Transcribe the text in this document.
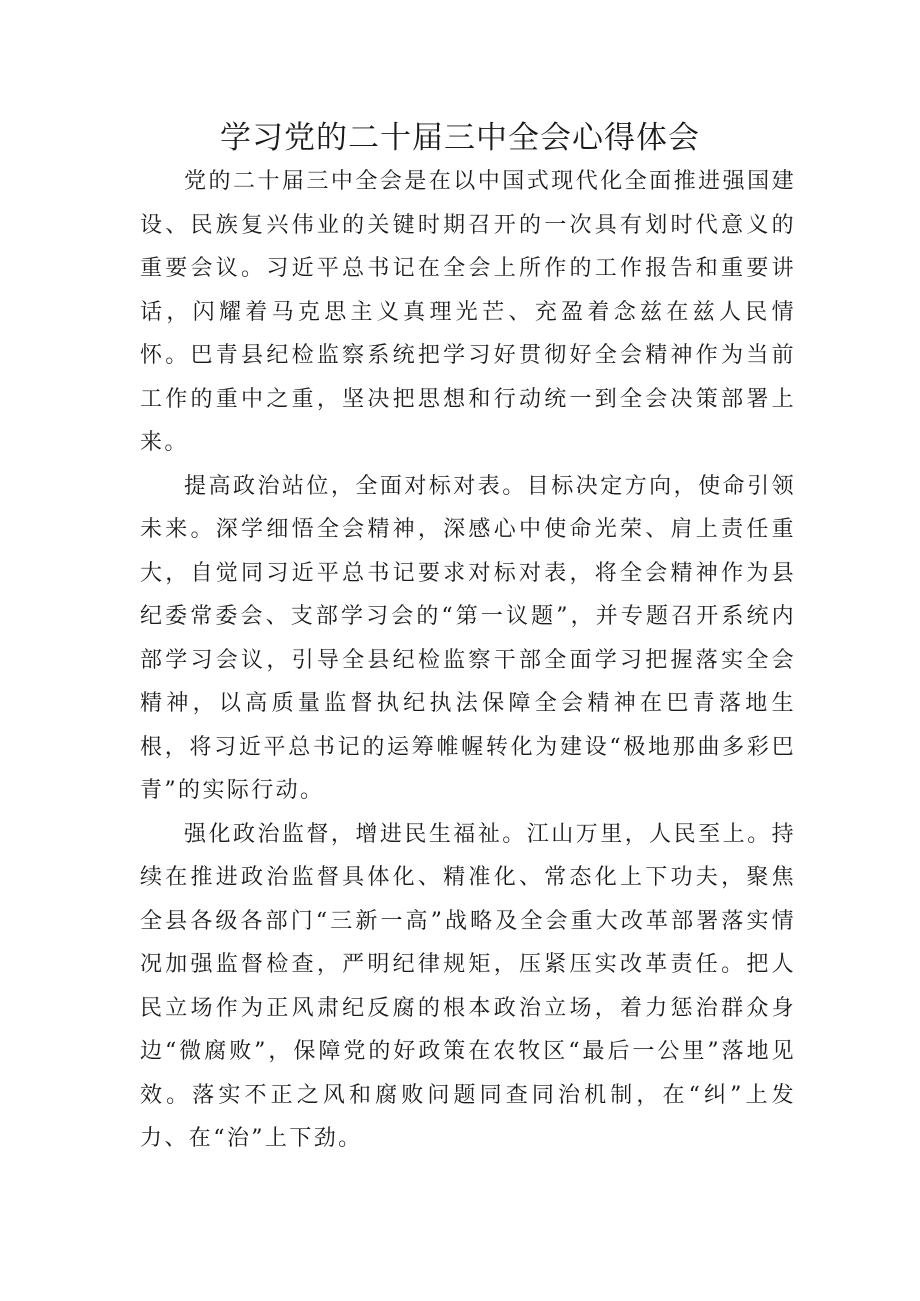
学习党的二十届三中全会心得体会

党的二十届三中全会是在以中国式现代化全面推进强国建设、民族复兴伟业的关键时期召开的一次具有划时代意义的重要会议。习近平总书记在全会上所作的工作报告和重要讲话，闪耀着马克思主义真理光芒、充盈着念兹在兹人民情怀。巴青县纪检监察系统把学习好贯彻好全会精神作为当前工作的重中之重，坚决把思想和行动统一到全会决策部署上来。

提高政治站位，全面对标对表。目标决定方向，使命引领未来。深学细悟全会精神，深感心中使命光荣、肩上责任重大，自觉同习近平总书记要求对标对表，将全会精神作为县纪委常委会、支部学习会的“第一议题”，并专题召开系统内部学习会议，引导全县纪检监察干部全面学习把握落实全会精神，以高质量监督执纪执法保障全会精神在巴青落地生根，将习近平总书记的运筹帷幄转化为建设“极地那曲多彩巴青”的实际行动。

强化政治监督，增进民生福祉。江山万里，人民至上。持续在推进政治监督具体化、精准化、常态化上下功夫，聚焦全县各级各部门“三新一高”战略及全会重大改革部署落实情况加强监督检查，严明纪律规矩，压紧压实改革责任。把人民立场作为正风肃纪反腐的根本政治立场，着力惩治群众身边“微腐败”，保障党的好政策在农牧区“最后一公里”落地见效。落实不正之风和腐败问题同查同治机制，在“纠”上发力、在“治”上下劲。
